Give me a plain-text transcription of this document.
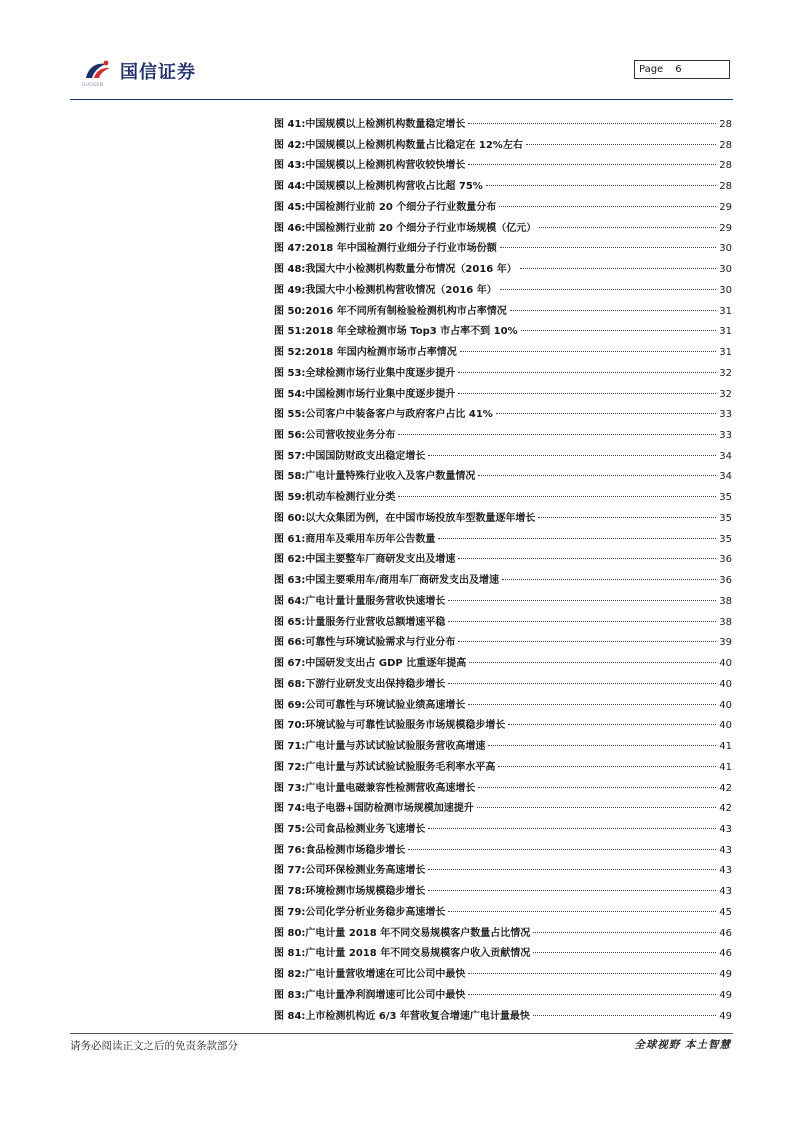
GUOSEN
国信证券	Page 6
图 41: 中国规模以上检测机构数量稳定增长	28
图 42: 中国规模以上检测机构数量占比稳定在 12%左右	28
图 43: 中国规模以上检测机构营收较快增长	28
图 44: 中国规模以上检测机构营收占比超 75%	28
图 45: 中国检测行业前 20 个细分子行业数量分布	29
图 46: 中国检测行业前 20 个细分子行业市场规模（亿元）	29
图 47: 2018 年中国检测行业细分子行业市场份额	30
图 48: 我国大中小检测机构数量分布情况（2016 年）	30
图 49: 我国大中小检测机构营收情况（2016 年）	30
图 50: 2016 年不同所有制检验检测机构市占率情况	31
图 51: 2018 年全球检测市场 Top3 市占率不到 10%	31
图 52: 2018 年国内检测市场市占率情况	31
图 53: 全球检测市场行业集中度逐步提升	32
图 54: 中国检测市场行业集中度逐步提升	32
图 55: 公司客户中装备客户与政府客户占比 41%	33
图 56: 公司营收按业务分布	33
图 57: 中国国防财政支出稳定增长	34
图 58: 广电计量特殊行业收入及客户数量情况	34
图 59: 机动车检测行业分类	35
图 60: 以大众集团为例，在中国市场投放车型数量逐年增长	35
图 61: 商用车及乘用车历年公告数量	35
图 62: 中国主要整车厂商研发支出及增速	36
图 63: 中国主要乘用车/商用车厂商研发支出及增速	36
图 64: 广电计量计量服务营收快速增长	38
图 65: 计量服务行业营收总额增速平稳	38
图 66: 可靠性与环境试验需求与行业分布	39
图 67: 中国研发支出占 GDP 比重逐年提高	40
图 68: 下游行业研发支出保持稳步增长	40
图 69: 公司可靠性与环境试验业绩高速增长	40
图 70: 环境试验与可靠性试验服务市场规模稳步增长	40
图 71: 广电计量与苏试试验试验服务营收高增速	41
图 72: 广电计量与苏试试验试验服务毛利率水平高	41
图 73: 广电计量电磁兼容性检测营收高速增长	42
图 74: 电子电器+国防检测市场规模加速提升	42
图 75: 公司食品检测业务飞速增长	43
图 76: 食品检测市场稳步增长	43
图 77: 公司环保检测业务高速增长	43
图 78: 环境检测市场规模稳步增长	43
图 79: 公司化学分析业务稳步高速增长	45
图 80: 广电计量 2018 年不同交易规模客户数量占比情况	46
图 81: 广电计量 2018 年不同交易规模客户收入贡献情况	46
图 82: 广电计量营收增速在可比公司中最快	49
图 83: 广电计量净利润增速可比公司中最快	49
图 84: 上市检测机构近 6/3 年营收复合增速广电计量最快	49
请务必阅读正文之后的免责条款部分	全球视野 本土智慧
